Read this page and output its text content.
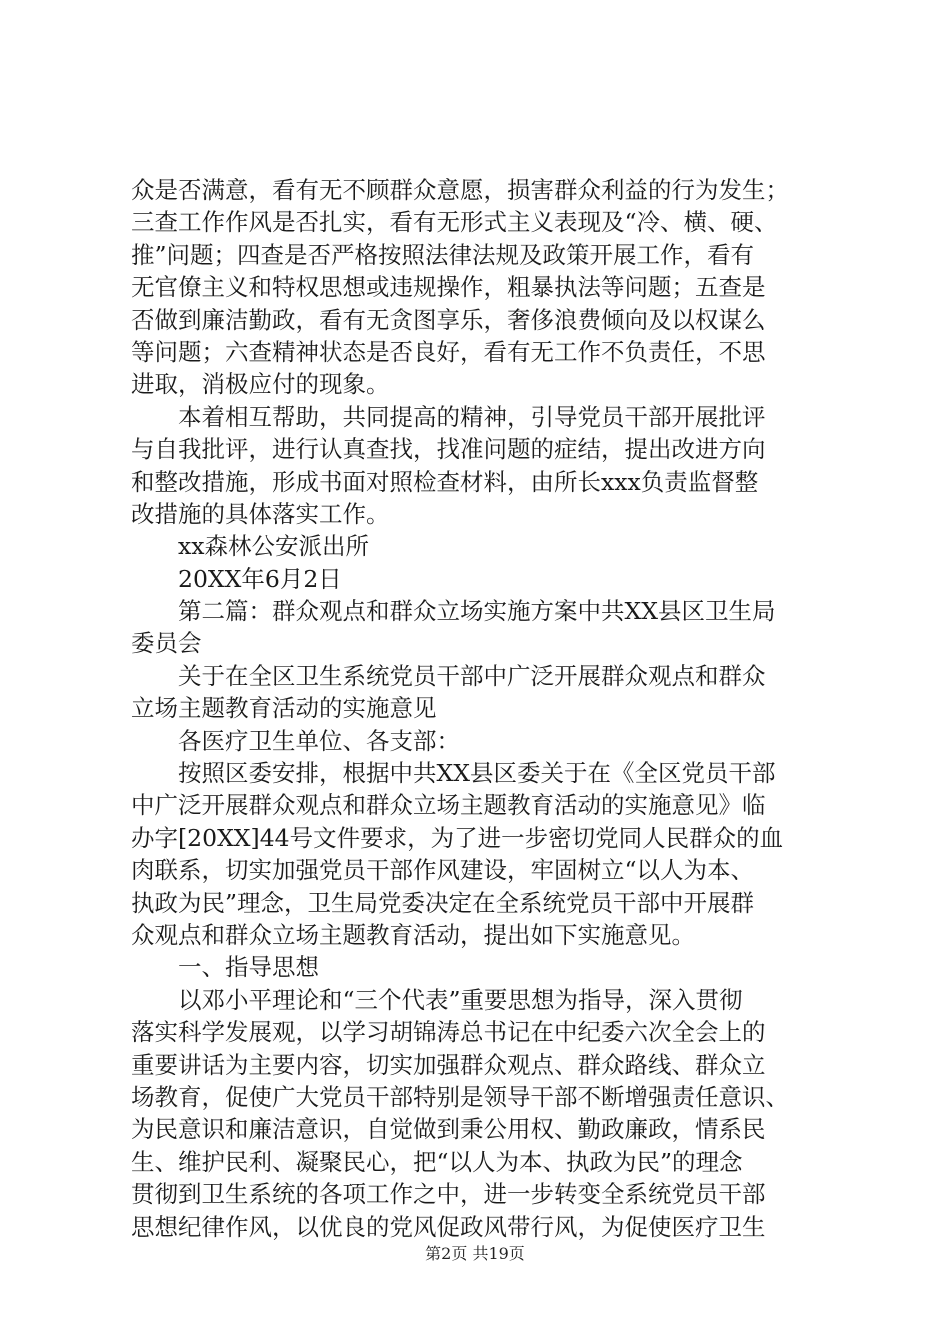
众是否满意，看有无不顾群众意愿，损害群众利益的行为发生；
三查工作作风是否扎实，看有无形式主义表现及“冷、横、硬、
推”问题；四查是否严格按照法律法规及政策开展工作，看有
无官僚主义和特权思想或违规操作，粗暴执法等问题；五查是
否做到廉洁勤政，看有无贪图享乐，奢侈浪费倾向及以权谋么
等问题；六查精神状态是否良好，看有无工作不负责任，不思
进取，消极应付的现象。
本着相互帮助，共同提高的精神，引导党员干部开展批评
与自我批评，进行认真查找，找准问题的症结，提出改进方向
和整改措施，形成书面对照检查材料，由所长xxx负责监督整
改措施的具体落实工作。
xx森林公安派出所
20XX年6月2日
第二篇：群众观点和群众立场实施方案中共XX县区卫生局
委员会
关于在全区卫生系统党员干部中广泛开展群众观点和群众
立场主题教育活动的实施意见
各医疗卫生单位、各支部：
按照区委安排，根据中共XX县区委关于在《全区党员干部
中广泛开展群众观点和群众立场主题教育活动的实施意见》临
办字[20XX]44号文件要求，为了进一步密切党同人民群众的血
肉联系，切实加强党员干部作风建设，牢固树立“以人为本、
执政为民”理念，卫生局党委决定在全系统党员干部中开展群
众观点和群众立场主题教育活动，提出如下实施意见。
一、指导思想
以邓小平理论和“三个代表”重要思想为指导，深入贯彻
落实科学发展观，以学习胡锦涛总书记在中纪委六次全会上的
重要讲话为主要内容，切实加强群众观点、群众路线、群众立
场教育，促使广大党员干部特别是领导干部不断增强责任意识、
为民意识和廉洁意识，自觉做到秉公用权、勤政廉政，情系民
生、维护民利、凝聚民心，把“以人为本、执政为民”的理念
贯彻到卫生系统的各项工作之中，进一步转变全系统党员干部
思想纪律作风，以优良的党风促政风带行风，为促使医疗卫生
第2页 共19页
